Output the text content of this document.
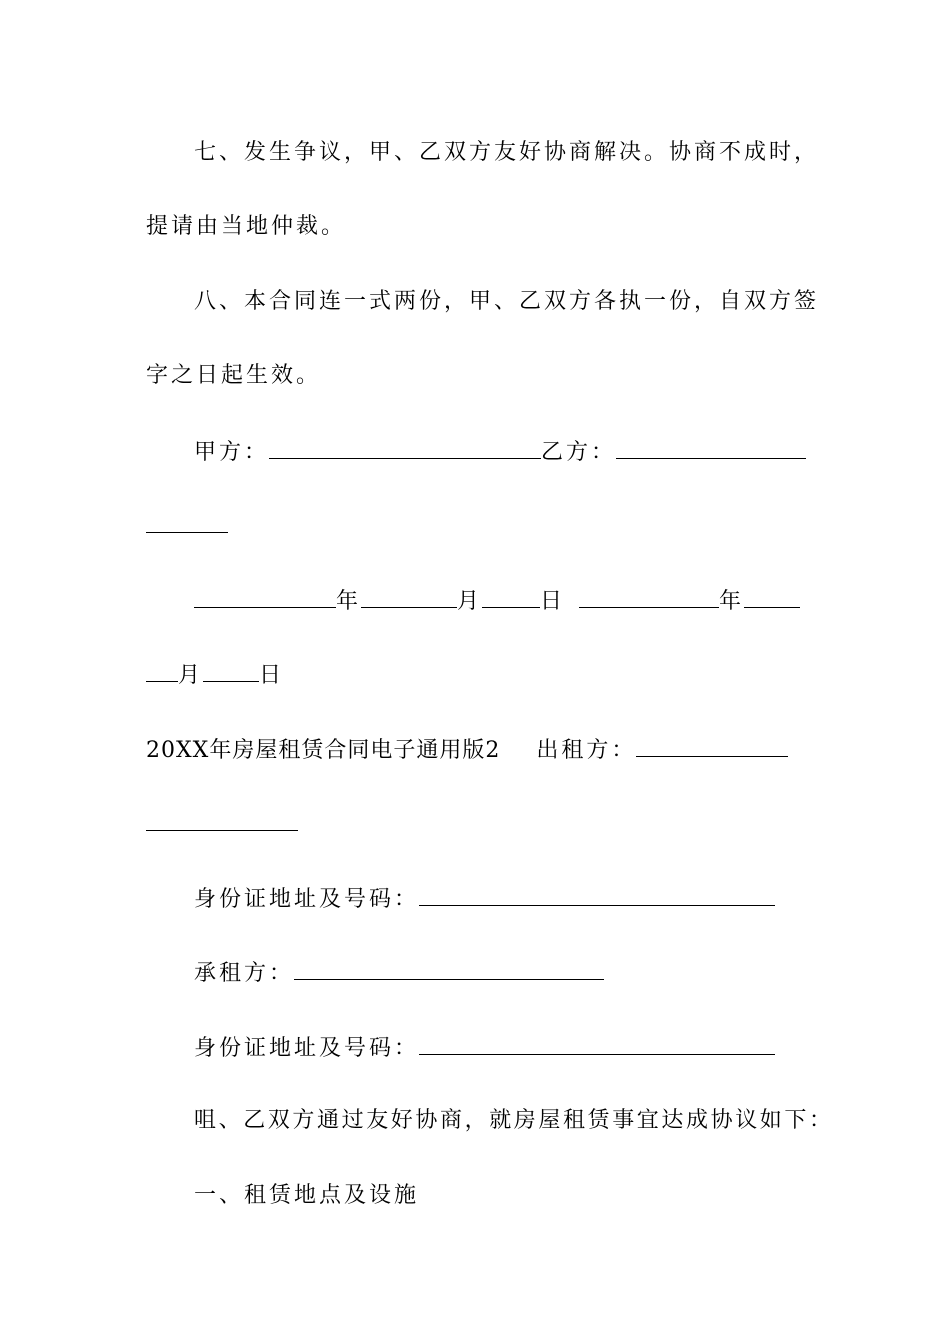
七、发生争议，甲、乙双方友好协商解决。协商不成时，
提请由当地仲裁。
八、本合同连一式两份，甲、乙双方各执一份，自双方签
字之日起生效。
甲方：	乙方：
年	月	日	年
月	日
20XX年房屋租赁合同电子通用版2 出租方：
身份证地址及号码：
承租方：
身份证地址及号码：
咀、乙双方通过友好协商，就房屋租赁事宜达成协议如下：
一、租赁地点及设施
